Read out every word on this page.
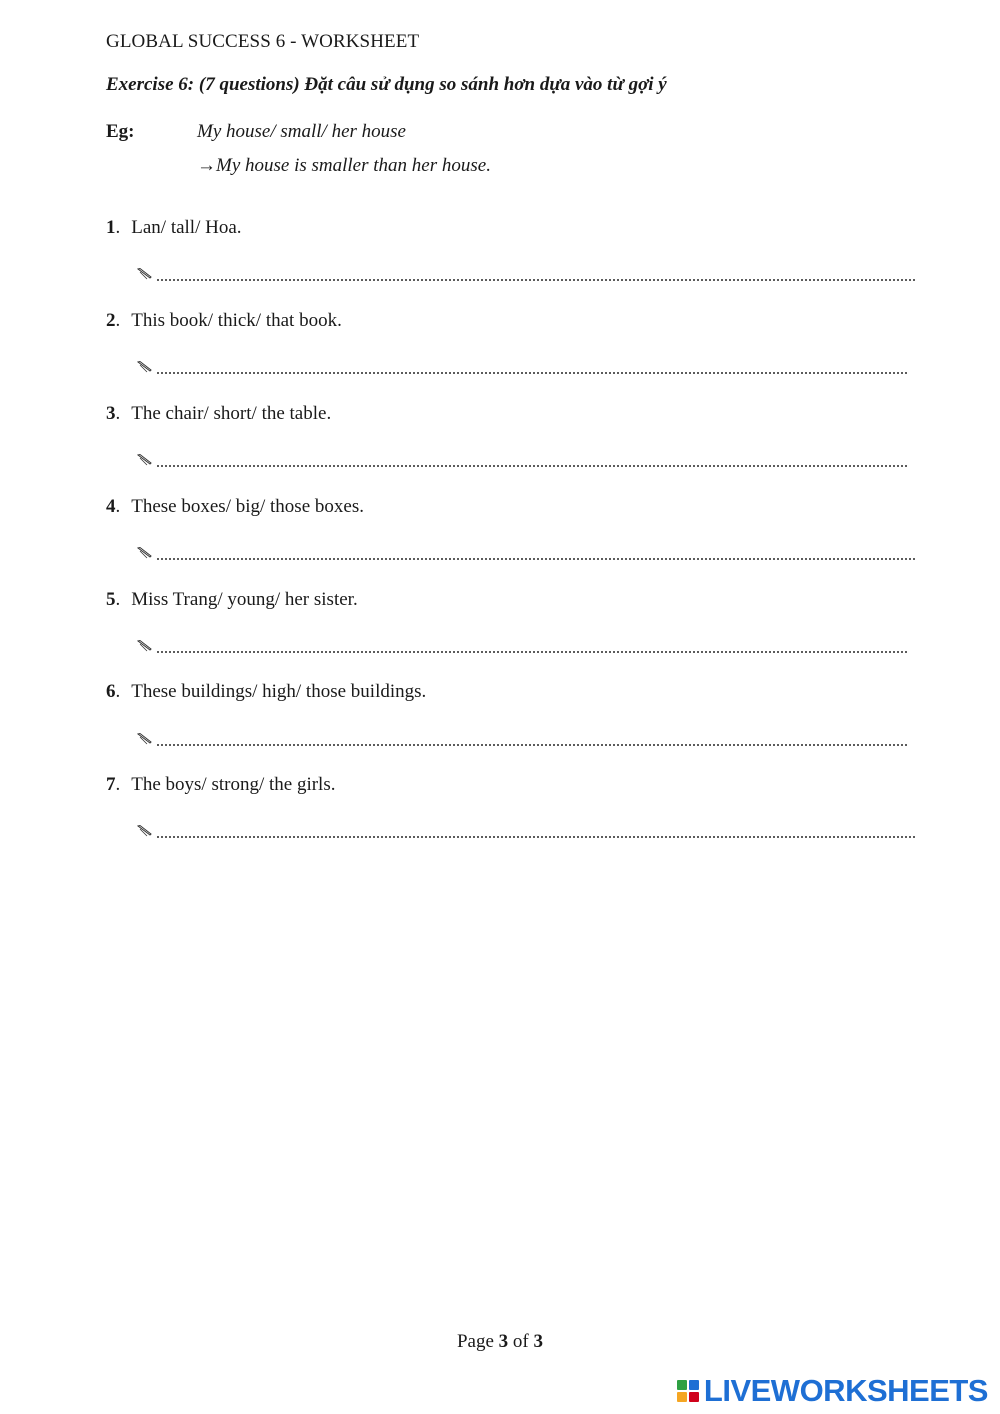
GLOBAL SUCCESS 6 - WORKSHEET
Exercise 6: (7 questions) Đặt câu sử dụng so sánh hơn dựa vào từ gợi ý
Eg:	My house/ small/ her house
→My house is smaller than her house.
1. Lan/ tall/ Hoa.
2. This book/ thick/ that book.
3. The chair/ short/ the table.
4. These boxes/ big/ those boxes.
5. Miss Trang/ young/ her sister.
6. These buildings/ high/ those buildings.
7. The boys/ strong/ the girls.
Page 3 of 3
LIVEWORKSHEETS
